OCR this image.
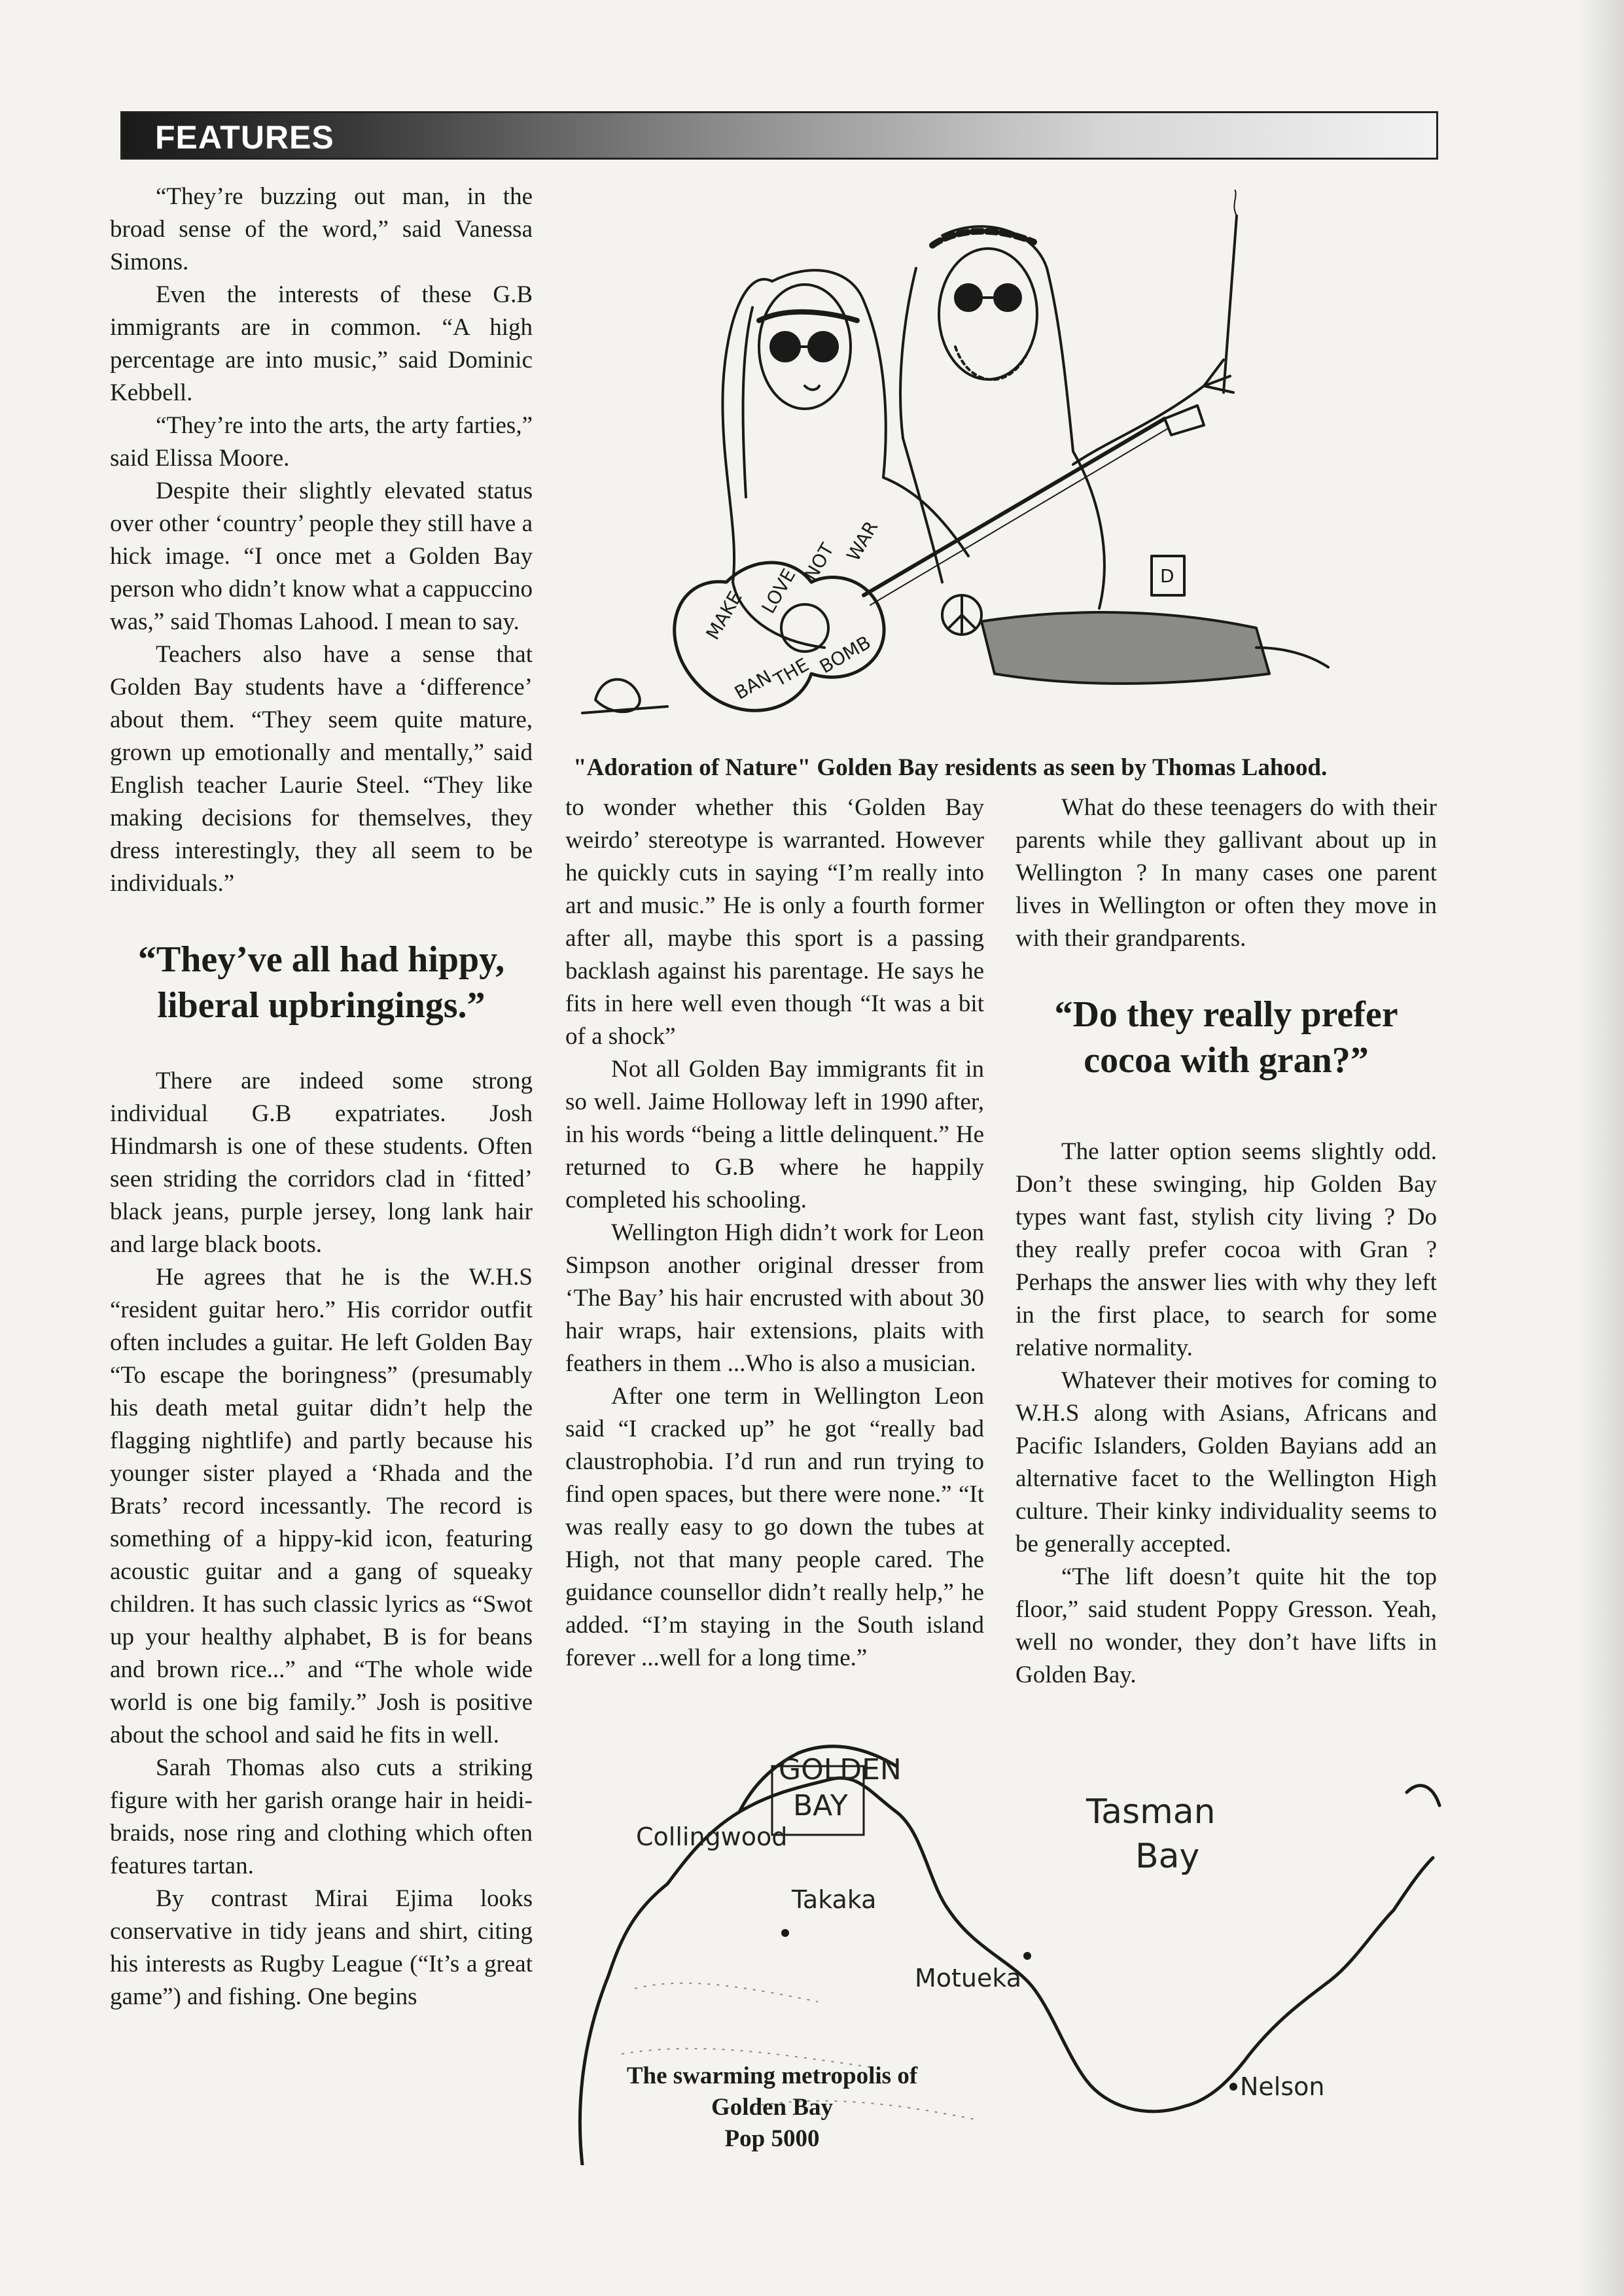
FEATURES

“They’re buzzing out man, in the broad sense of the word,” said Vanessa Simons.

Even the interests of these G.B immigrants are in common. “A high percentage are into music,” said Dominic Kebbell.

“They’re into the arts, the arty farties,” said Elissa Moore.

Despite their slightly elevated status over other ‘country’ people they still have a hick image. “I once met a Golden Bay person who didn’t know what a cappuccino was,” said Thomas Lahood. I mean to say.

Teachers also have a sense that Golden Bay students have a ‘difference’ about them. “They seem quite mature, grown up emotionally and mentally,” said English teacher Laurie Steel. “They like making decisions for themselves, they dress interestingly, they all seem to be individuals.”

“They’ve all had hippy, liberal upbringings.”

There are indeed some strong individual G.B expatriates. Josh Hindmarsh is one of these students. Often seen striding the corridors clad in ‘fitted’ black jeans, purple jersey, long lank hair and large black boots.

He agrees that he is the W.H.S “resident guitar hero.” His corridor outfit often includes a guitar. He left Golden Bay “To escape the boringness” (presumably his death metal guitar didn’t help the flagging nightlife) and partly because his younger sister played a ‘Rhada and the Brats’ record incessantly. The record is something of a hippy-kid icon, featuring acoustic guitar and a gang of squeaky children. It has such classic lyrics as “Swot up your healthy alphabet, B is for beans and brown rice...” and “The whole wide world is one big family.” Josh is positive about the school and said he fits in well.

Sarah Thomas also cuts a striking figure with her garish orange hair in heidi-braids, nose ring and clothing which often features tartan.

By contrast Mirai Ejima looks conservative in tidy jeans and shirt, citing his interests as Rugby League (“It’s a great game”) and fishing. One begins

MAKE LOVE
NOT WAR
BAN
THE BOMB
D
"Adoration of Nature" Golden Bay residents as seen by Thomas Lahood.

to wonder whether this ‘Golden Bay weirdo’ stereotype is warranted. However he quickly cuts in saying “I’m really into art and music.” He is only a fourth former after all, maybe this sport is a passing backlash against his parentage. He says he fits in here well even though “It was a bit of a shock”

Not all Golden Bay immigrants fit in so well. Jaime Holloway left in 1990 after, in his words “being a little delinquent.” He returned to G.B where he happily completed his schooling.

Wellington High didn’t work for Leon Simpson another original dresser from ‘The Bay’ his hair encrusted with about 30 hair wraps, hair extensions, plaits with feathers in them ...Who is also a musician.

After one term in Wellington Leon said “I cracked up” he got “really bad claustrophobia. I’d run and run trying to find open spaces, but there were none.” “It was really easy to go down the tubes at High, not that many people cared. The guidance counsellor didn’t really help,” he added. “I’m staying in the South island forever ...well for a long time.”

What do these teenagers do with their parents while they gallivant about up in Wellington ? In many cases one parent lives in Wellington or often they move in with their grandparents.

“Do they really prefer cocoa with gran?”

The latter option seems slightly odd. Don’t these swinging, hip Golden Bay types want fast, stylish city living ? Do they really prefer cocoa with Gran ? Perhaps the answer lies with why they left in the first place, to search for some relative normality.

Whatever their motives for coming to W.H.S along with Asians, Africans and Pacific Islanders, Golden Bayians add an alternative facet to the Wellington High culture. Their kinky individuality seems to be generally accepted.

“The lift doesn’t quite hit the top floor,” said student Poppy Gresson. Yeah, well no wonder, they don’t have lifts in Golden Bay.

GOLDEN
BAY
Collingwood
Takaka
Motueka
Tasman
Bay
Nelson
The swarming metropolis of
Golden Bay
Pop 5000
